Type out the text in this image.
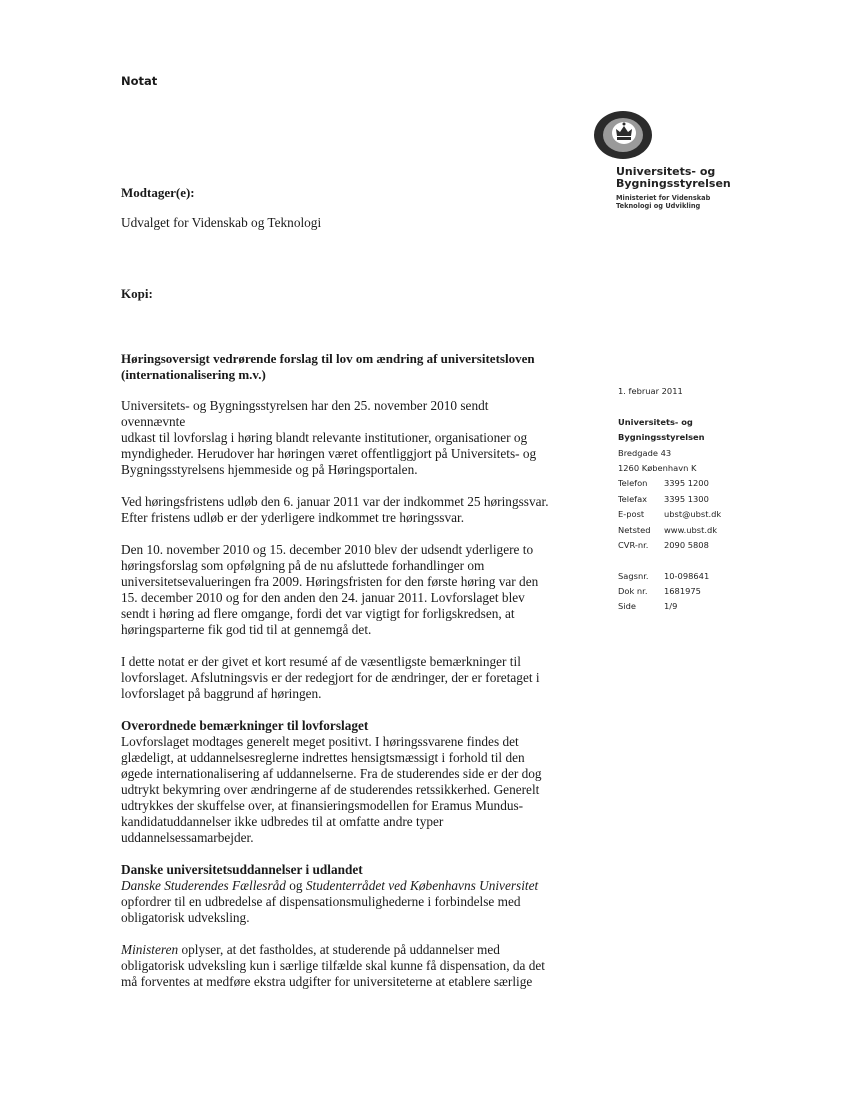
Notat
Universitets- og
Bygningsstyrelsen
Ministeriet for Videnskab
Teknologi og Udvikling
Modtager(e):
Udvalget for Videnskab og Teknologi
Kopi:
Høringsoversigt vedrørende forslag til lov om ændring af universitetsloven
(internationalisering m.v.)
Universitets- og Bygningsstyrelsen har den 25. november 2010 sendt
ovennævnte
udkast til lovforslag i høring blandt relevante institutioner, organisationer og
myndigheder. Herudover har høringen været offentliggjort på Universitets- og
Bygningsstyrelsens hjemmeside og på Høringsportalen.
Ved høringsfristens udløb den 6. januar 2011 var der indkommet 25 høringssvar.
Efter fristens udløb er der yderligere indkommet tre høringssvar.
Den 10. november 2010 og 15. december 2010 blev der udsendt yderligere to
høringsforslag som opfølgning på de nu afsluttede forhandlinger om
universitetsevalueringen fra 2009. Høringsfristen for den første høring var den
15. december 2010 og for den anden den 24. januar 2011. Lovforslaget blev
sendt i høring ad flere omgange, fordi det var vigtigt for forligskredsen, at
høringsparterne fik god tid til at gennemgå det.
I dette notat er der givet et kort resumé af de væsentligste bemærkninger til
lovforslaget. Afslutningsvis er der redegjort for de ændringer, der er foretaget i
lovforslaget på baggrund af høringen.
Overordnede bemærkninger til lovforslaget
Lovforslaget modtages generelt meget positivt. I høringssvarene findes det
glædeligt, at uddannelsesreglerne indrettes hensigtsmæssigt i forhold til den
øgede internationalisering af uddannelserne. Fra de studerendes side er der dog
udtrykt bekymring over ændringerne af de studerendes retssikkerhed. Generelt
udtrykkes der skuffelse over, at finansieringsmodellen for Eramus Mundus-
kandidatuddannelser ikke udbredes til at omfatte andre typer
uddannelsessamarbejder.
Danske universitetsuddannelser i udlandet
Danske Studerendes Fællesråd og Studenterrådet ved Københavns Universitet
opfordrer til en udbredelse af dispensationsmulighederne i forbindelse med
obligatorisk udveksling.
Ministeren oplyser, at det fastholdes, at studerende på uddannelser med
obligatorisk udveksling kun i særlige tilfælde skal kunne få dispensation, da det
må forventes at medføre ekstra udgifter for universiteterne at etablere særlige
1. februar 2011
Universitets- og
Bygningsstyrelsen
Bredgade 43
1260 København K
Telefon 3395 1200
Telefax 3395 1300
E-post ubst@ubst.dk
Netsted www.ubst.dk
CVR-nr. 2090 5808
Sagsnr. 10-098641
Dok nr. 1681975
Side	1/9
